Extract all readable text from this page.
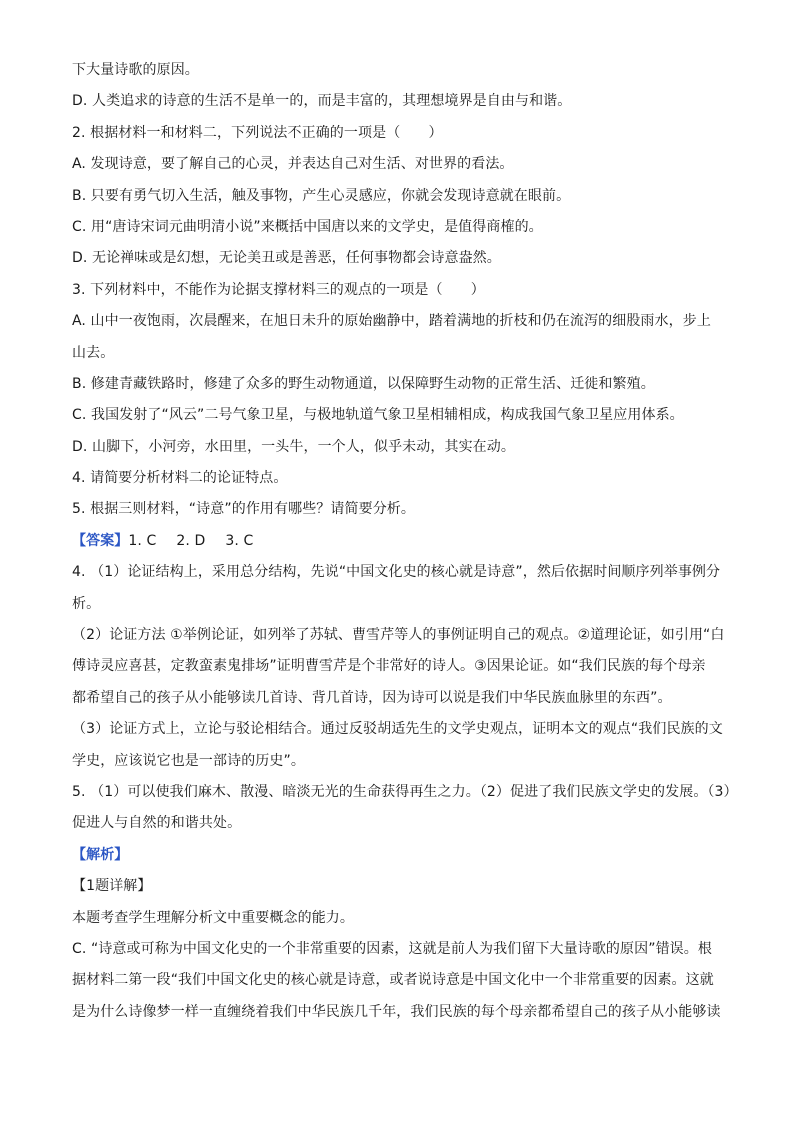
下大量诗歌的原因。

D. 人类追求的诗意的生活不是单一的，而是丰富的，其理想境界是自由与和谐。

2. 根据材料一和材料二，下列说法不正确的一项是（　　）

A. 发现诗意，要了解自己的心灵，并表达自己对生活、对世界的看法。

B. 只要有勇气切入生活，触及事物，产生心灵感应，你就会发现诗意就在眼前。

C. 用“唐诗宋词元曲明清小说”来概括中国唐以来的文学史，是值得商榷的。

D. 无论禅味或是幻想，无论美丑或是善恶，任何事物都会诗意盎然。

3. 下列材料中，不能作为论据支撑材料三的观点的一项是（　　）

A. 山中一夜饱雨，次晨醒来，在旭日未升的原始幽静中，踏着满地的折枝和仍在流泻的细股雨水，步上

山去。

B. 修建青藏铁路时，修建了众多的野生动物通道，以保障野生动物的正常生活、迁徙和繁殖。

C. 我国发射了“风云”二号气象卫星，与极地轨道气象卫星相辅相成，构成我国气象卫星应用体系。

D. 山脚下，小河旁，水田里，一头牛，一个人，似乎未动，其实在动。

4. 请简要分析材料二的论证特点。

5. 根据三则材料，“诗意”的作用有哪些？请简要分析。

【答案】1. C 2. D 3. C

4. （1）论证结构上，采用总分结构，先说“中国文化史的核心就是诗意”，然后依据时间顺序列举事例分

析。

（2）论证方法 ①举例论证，如列举了苏轼、曹雪芹等人的事例证明自己的观点。②道理论证，如引用“白

傅诗灵应喜甚，定教蛮素鬼排场”证明曹雪芹是个非常好的诗人。③因果论证。如“我们民族的每个母亲

都希望自己的孩子从小能够读几首诗、背几首诗，因为诗可以说是我们中华民族血脉里的东西”。

（3）论证方式上，立论与驳论相结合。通过反驳胡适先生的文学史观点，证明本文的观点“我们民族的文

学史，应该说它也是一部诗的历史”。

5. （1）可以使我们麻木、散漫、暗淡无光的生命获得再生之力。（2）促进了我们民族文学史的发展。（3）

促进人与自然的和谐共处。

【解析】

【1题详解】

本题考查学生理解分析文中重要概念的能力。

C. “诗意或可称为中国文化史的一个非常重要的因素，这就是前人为我们留下大量诗歌的原因”错误。根

据材料二第一段“我们中国文化史的核心就是诗意，或者说诗意是中国文化中一个非常重要的因素。这就

是为什么诗像梦一样一直缠绕着我们中华民族几千年，我们民族的每个母亲都希望自己的孩子从小能够读
